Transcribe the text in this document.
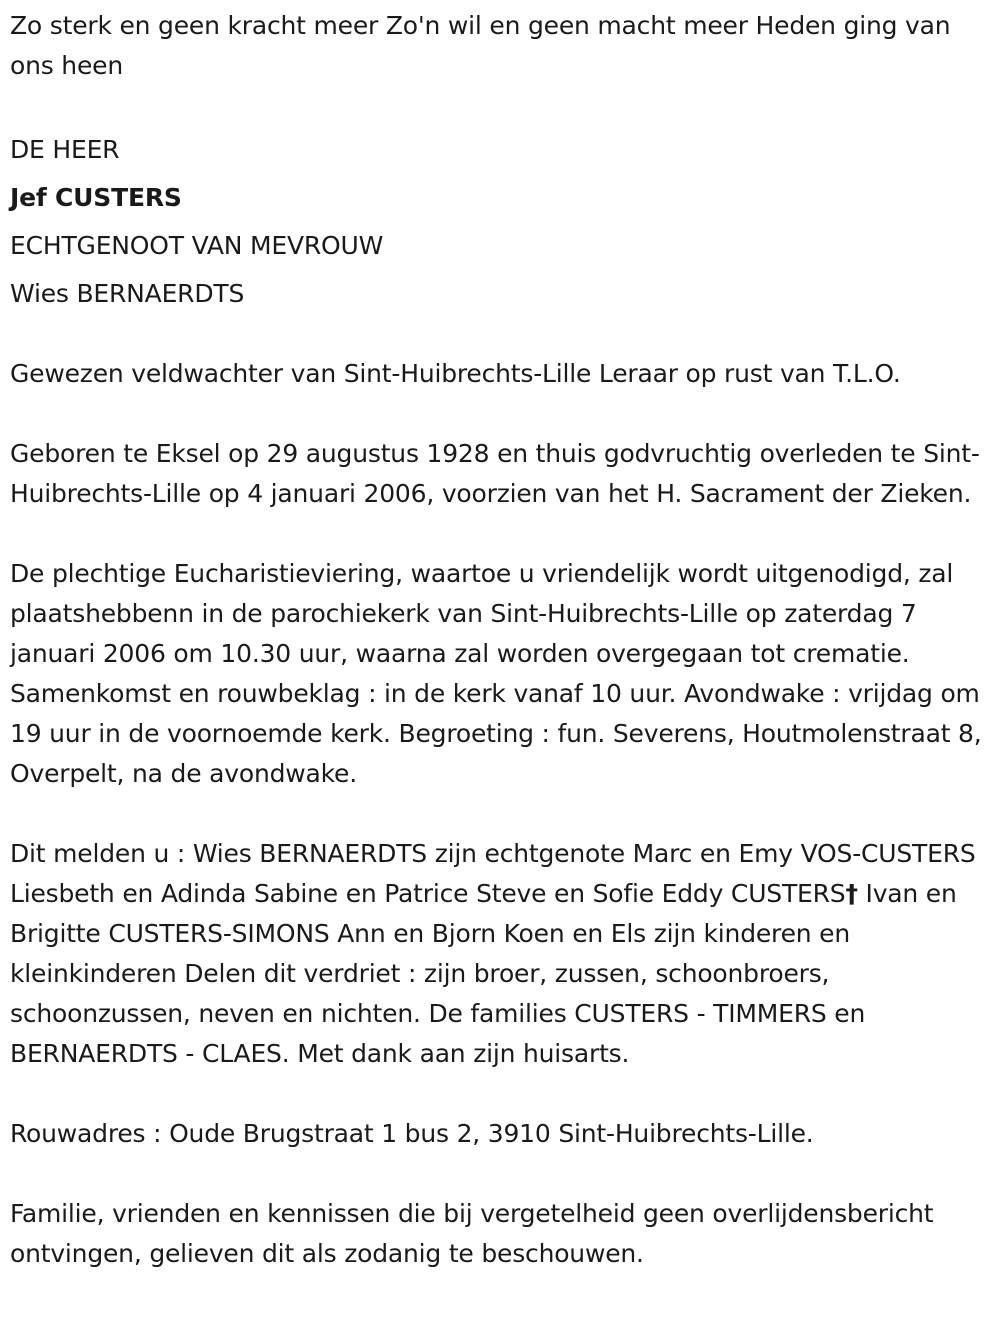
Zo sterk en geen kracht meer Zo'n wil en geen macht meer Heden ging van ons heen

DE HEER

Jef CUSTERS

ECHTGENOOT VAN MEVROUW

Wies BERNAERDTS

Gewezen veldwachter van Sint-Huibrechts-Lille Leraar op rust van T.L.O.

Geboren te Eksel op 29 augustus 1928 en thuis godvruchtig overleden te Sint-Huibrechts-Lille op 4 januari 2006, voorzien van het H. Sacrament der Zieken.

De plechtige Eucharistieviering, waartoe u vriendelijk wordt uitgenodigd, zal plaatshebbenn in de parochiekerk van Sint-Huibrechts-Lille op zaterdag 7 januari 2006 om 10.30 uur, waarna zal worden overgegaan tot crematie. Samenkomst en rouwbeklag : in de kerk vanaf 10 uur. Avondwake : vrijdag om 19 uur in de voornoemde kerk. Begroeting : fun. Severens, Houtmolenstraat 8, Overpelt, na de avondwake.

Dit melden u : Wies BERNAERDTS zijn echtgenote Marc en Emy VOS-CUSTERS Liesbeth en Adinda Sabine en Patrice Steve en Sofie Eddy CUSTERS† Ivan en Brigitte CUSTERS-SIMONS Ann en Bjorn Koen en Els zijn kinderen en kleinkinderen Delen dit verdriet : zijn broer, zussen, schoonbroers, schoonzussen, neven en nichten. De families CUSTERS - TIMMERS en BERNAERDTS - CLAES. Met dank aan zijn huisarts.

Rouwadres : Oude Brugstraat 1 bus 2, 3910 Sint-Huibrechts-Lille.

Familie, vrienden en kennissen die bij vergetelheid geen overlijdensbericht ontvingen, gelieven dit als zodanig te beschouwen.
